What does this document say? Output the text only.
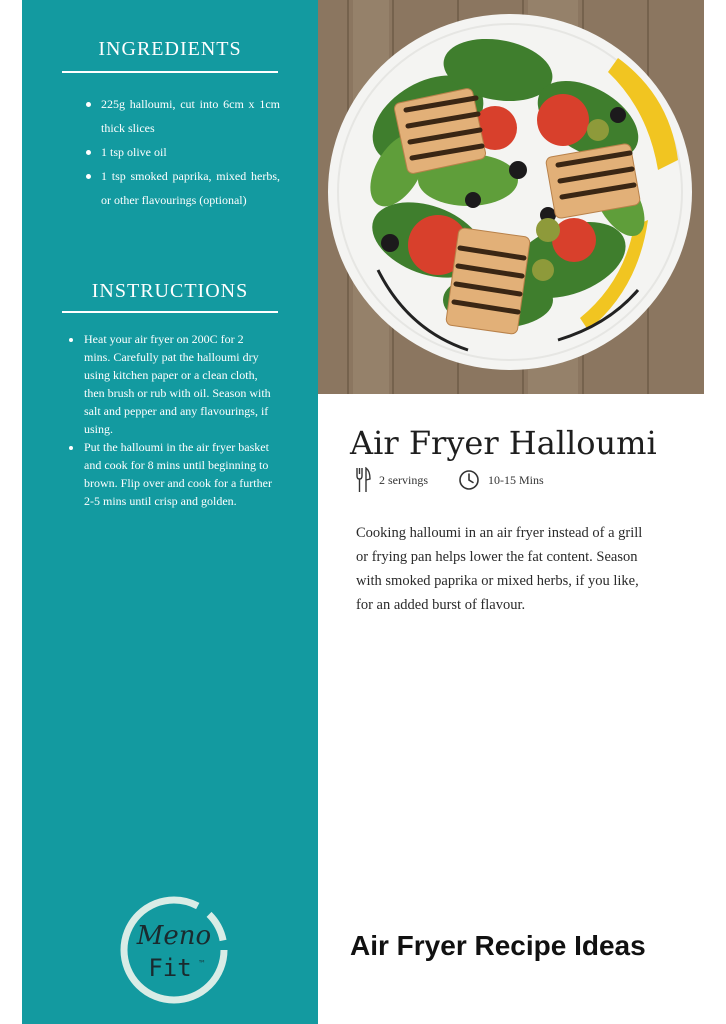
INGREDIENTS
225g halloumi, cut into 6cm x 1cm thick slices
1 tsp olive oil
1 tsp smoked paprika, mixed herbs, or other flavourings (optional)
INSTRUCTIONS
Heat your air fryer on 200C for 2 mins. Carefully pat the halloumi dry using kitchen paper or a clean cloth, then brush or rub with oil. Season with salt and pepper and any flavourings, if using.
Put the halloumi in the air fryer basket and cook for 8 mins until beginning to brown. Flip over and cook for a further 2-5 mins until crisp and golden.
Meno
Fit ™
Air Fryer Halloumi
2 servings	10-15 Mins
Cooking halloumi in an air fryer instead of a grill or frying pan helps lower the fat content. Season with smoked paprika or mixed herbs, if you like, for an added burst of flavour.
Air Fryer Recipe Ideas
